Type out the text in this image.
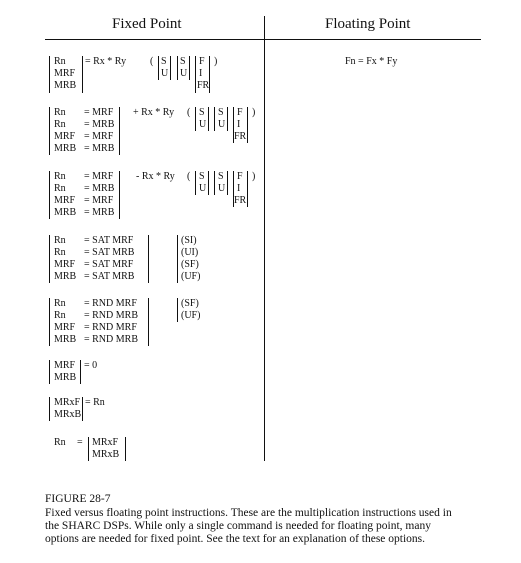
Fixed Point	Floating Point
Fn = Fx * Fy
Rn
MRF
MRB
= Rx * Ry ( S
U
S
U
F
I
FR
)
Rn
Rn
MRF
MRB
= MRF
= MRB
= MRF
= MRB
+ Rx * Ry ( S
U
S
U
F
I
FR
)
Rn
Rn
MRF
MRB
= MRF
= MRB
= MRF
= MRB
- Rx * Ry ( S
U
S
U
F
I
FR
)
Rn
Rn
MRF
MRB
= SAT MRF
= SAT MRB
= SAT MRF
= SAT MRB
(SI)
(UI)
(SF)
(UF)
Rn
Rn
MRF
MRB
= RND MRF
= RND MRB
= RND MRF
= RND MRB
(SF)
(UF)
MRF
MRB
= 0
MRxF
MRxB
= Rn
Rn = MRxF
MRxB
FIGURE 28-7
Fixed versus floating point instructions. These are the multiplication instructions used in
the SHARC DSPs. While only a single command is needed for floating point, many
options are needed for fixed point. See the text for an explanation of these options.
